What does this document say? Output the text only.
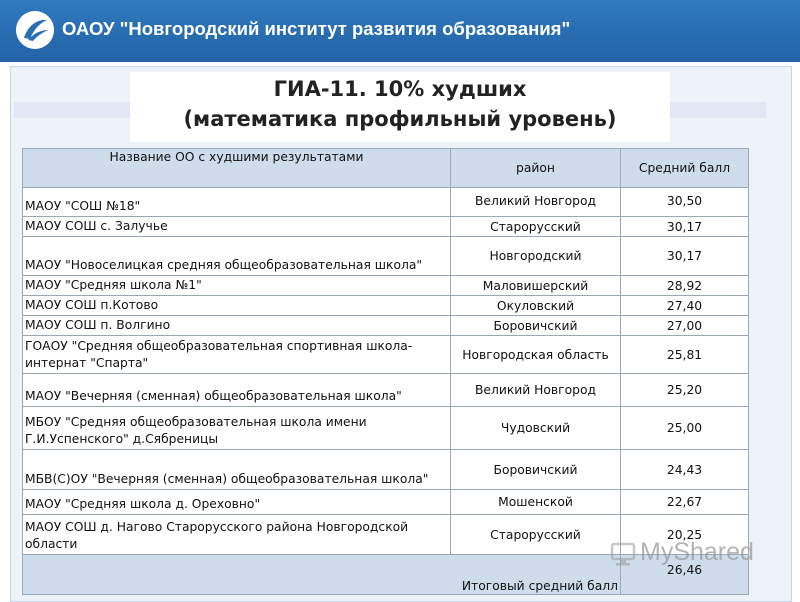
ОАОУ "Новгородский институт развития образования"
ГИА-11. 10% худших
(математика профильный уровень)
Название ОО с худшими результатами	район	Средний балл
МАОУ "СОШ №18"	Великий Новгород	30,50
МАОУ СОШ с. Залучье	Старорусский	30,17
МАОУ "Новоселицкая средняя общеобразовательная школа"	Новгородский	30,17
МАОУ "Средняя школа №1"	Маловишерский	28,92
МАОУ СОШ п.Котово	Окуловский	27,40
МАОУ СОШ п. Волгино	Боровичский	27,00
ГОАОУ "Средняя общеобразовательная спортивная школа-интернат "Спарта"	Новгородская область	25,81
МАОУ "Вечерняя (сменная) общеобразовательная школа"	Великий Новгород	25,20
МБОУ "Средняя общеобразовательная школа имени Г.И.Успенского" д.Сябреницы	Чудовский	25,00
МБВ(С)ОУ "Вечерняя (сменная) общеобразовательная школа"	Боровичский	24,43
МАОУ "Средняя школа д. Ореховно"	Мошенской	22,67
МАОУ СОШ д. Нагово Старорусского района Новгородской области	Старорусский	20,25
Итоговый средний балл		26,46
MyShared
